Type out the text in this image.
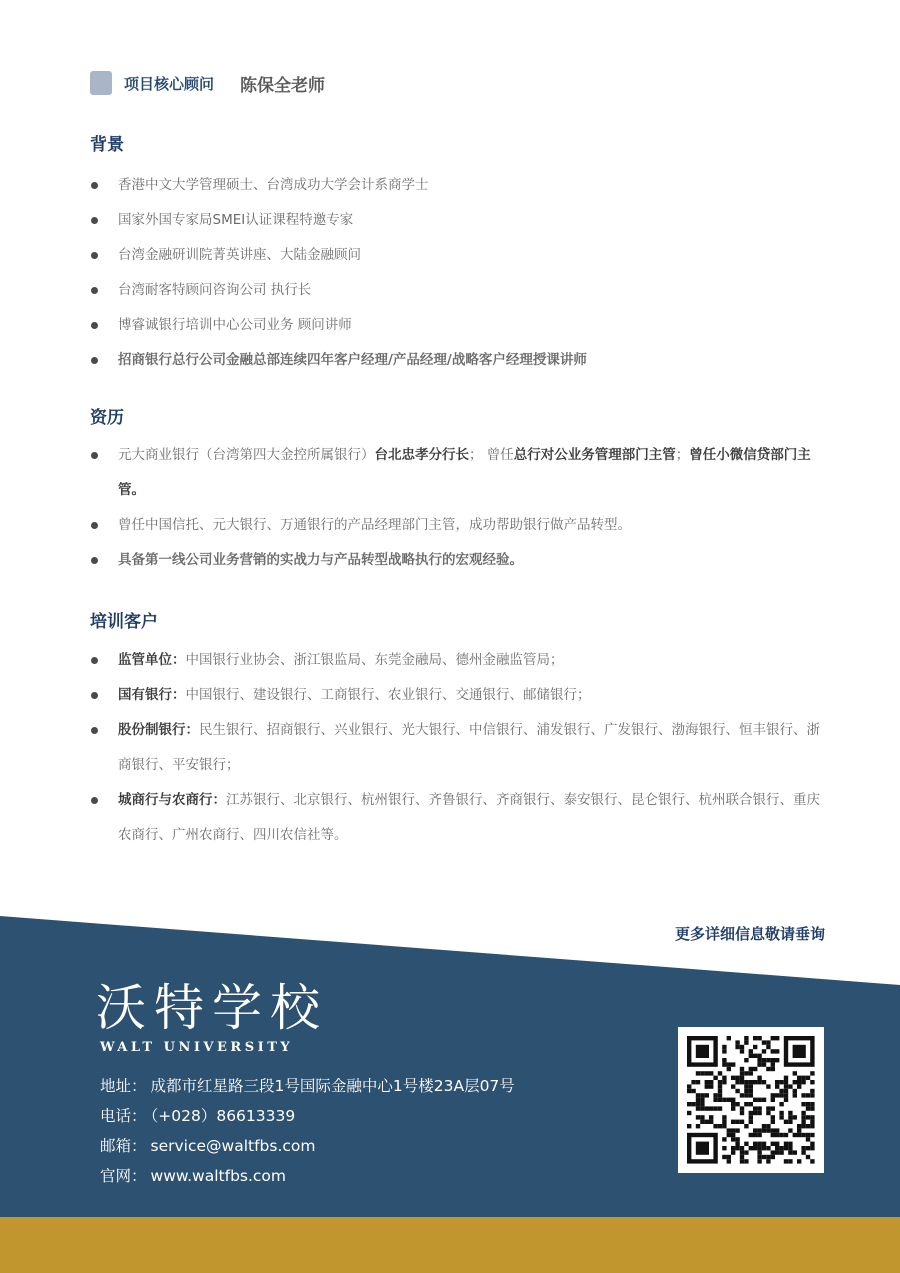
项目核心顾问 陈保全老师
背景
香港中文大学管理硕士、台湾成功大学会计系商学士
国家外国专家局SMEI认证课程特邀专家
台湾金融研训院菁英讲座、大陆金融顾问
台湾耐客特顾问咨询公司 执行长
博睿诚银行培训中心公司业务 顾问讲师
招商银行总行公司金融总部连续四年客户经理/产品经理/战略客户经理授课讲师
资历
元大商业银行（台湾第四大金控所属银行）台北忠孝分行长； 曾任总行对公业务管理部门主管；曾任小微信贷部门主管。
曾任中国信托、元大银行、万通银行的产品经理部门主管，成功帮助银行做产品转型。
具备第一线公司业务营销的实战力与产品转型战略执行的宏观经验。
培训客户
监管单位：中国银行业协会、浙江银监局、东莞金融局、德州金融监管局；
国有银行：中国银行、建设银行、工商银行、农业银行、交通银行、邮储银行；
股份制银行：民生银行、招商银行、兴业银行、光大银行、中信银行、浦发银行、广发银行、渤海银行、恒丰银行、浙商银行、平安银行；
城商行与农商行：江苏银行、北京银行、杭州银行、齐鲁银行、齐商银行、泰安银行、昆仑银行、杭州联合银行、重庆农商行、广州农商行、四川农信社等。
更多详细信息敬请垂询
沃特学校
WALT UNIVERSITY
地址： 成都市红星路三段1号国际金融中心1号楼23A层07号
电话： （+028）86613339
邮箱： service@waltfbs.com
官网： www.waltfbs.com
